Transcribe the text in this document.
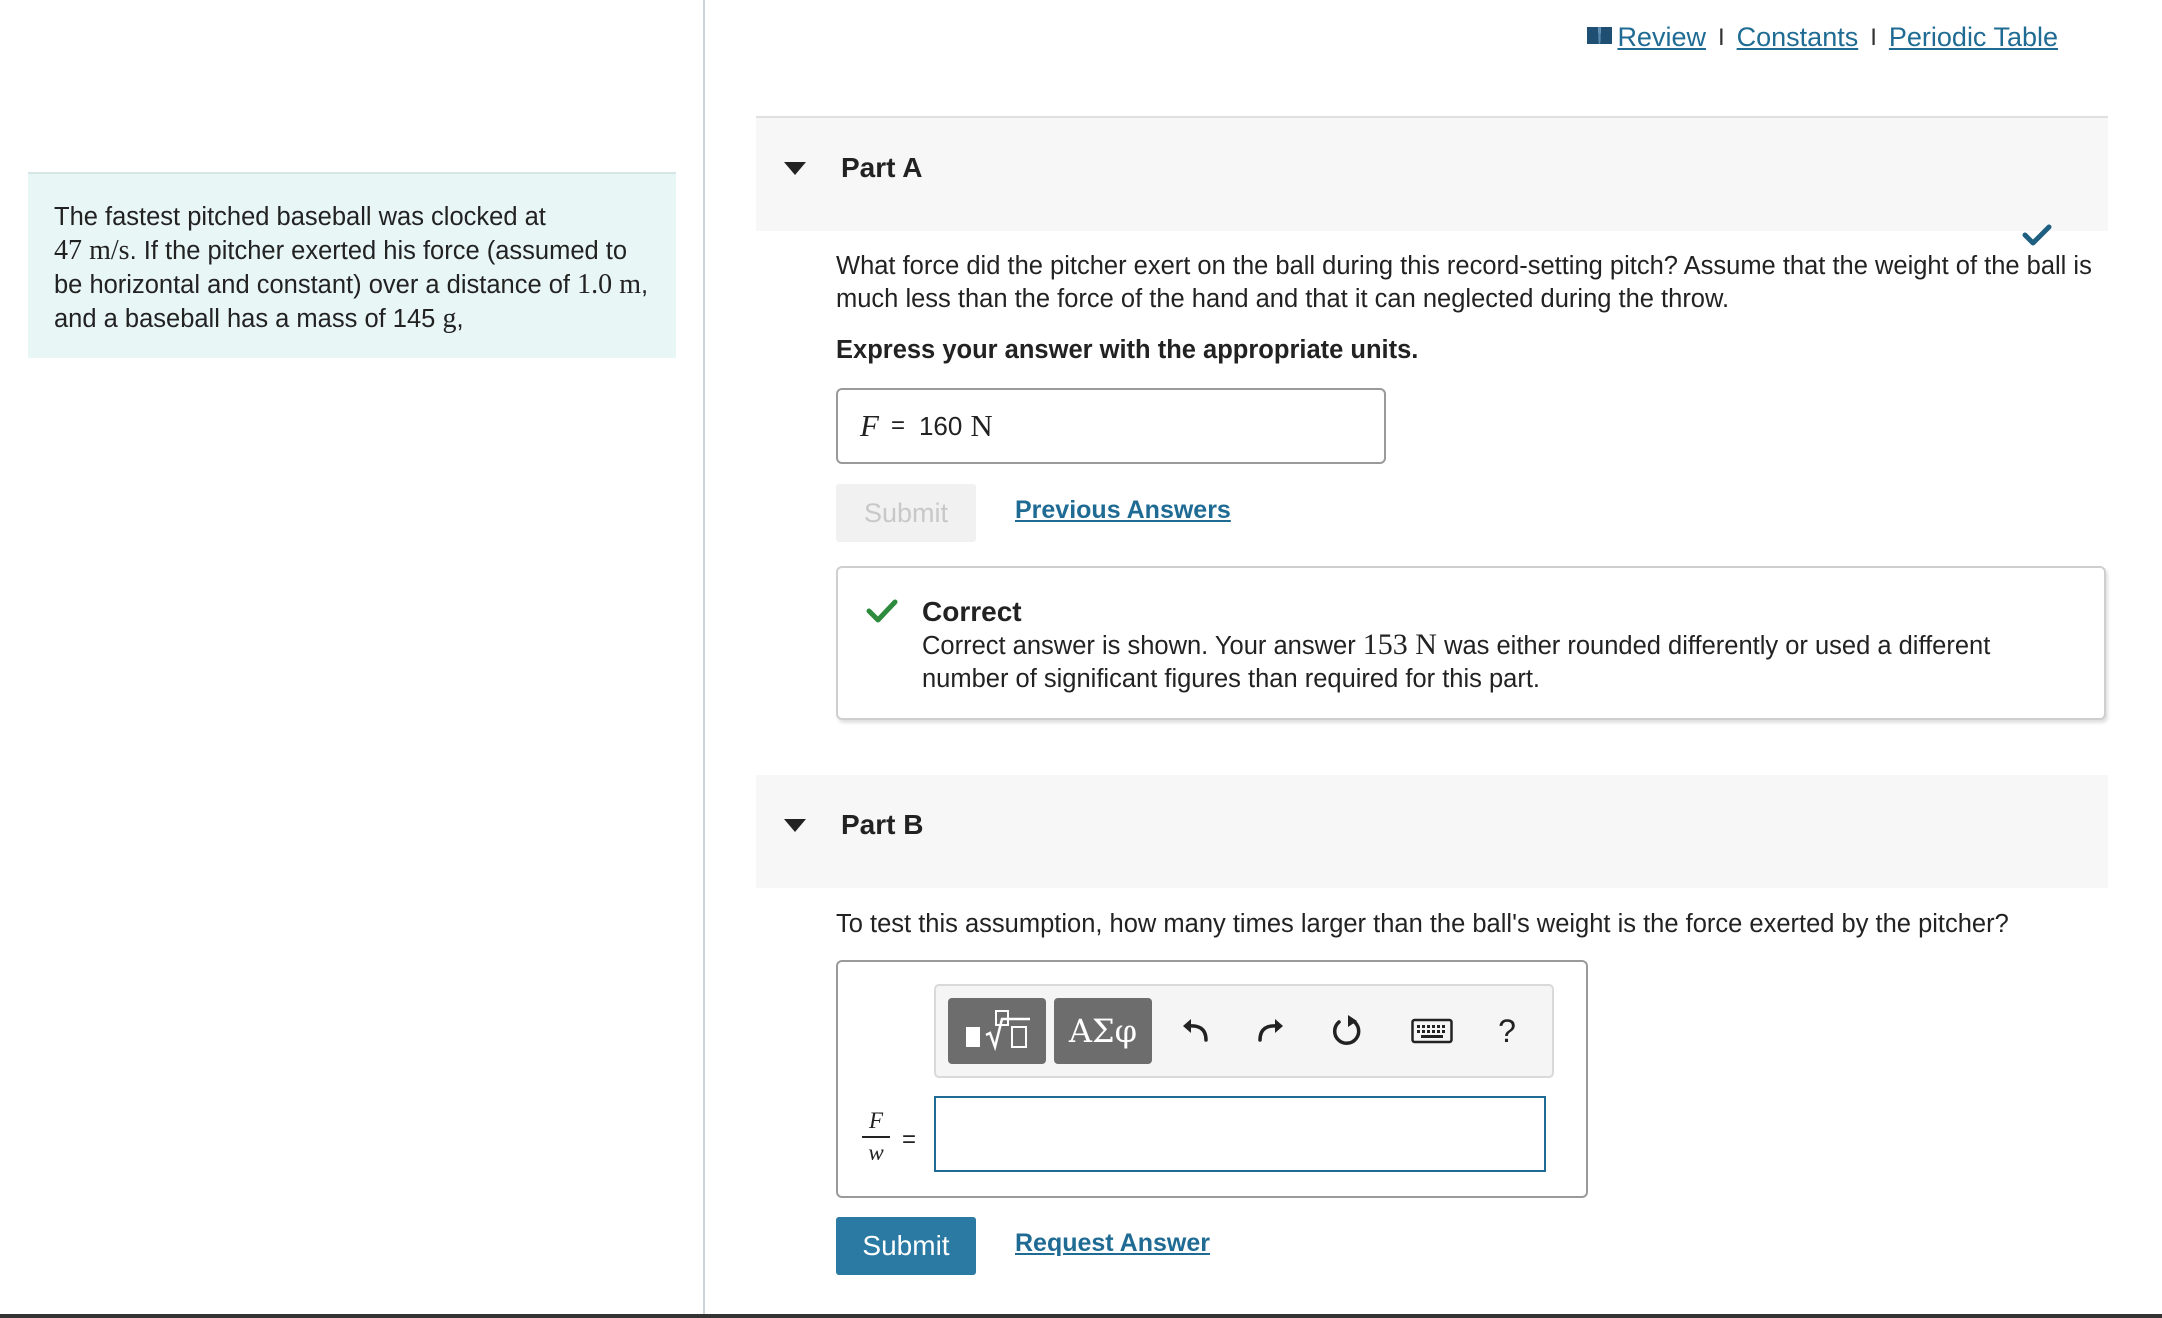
The fastest pitched baseball was clocked at
47 m/s. If the pitcher exerted his force (assumed to be horizontal and constant) over a distance of 1.0 m, and a baseball has a mass of 145 g,
Review I Constants I Periodic Table
Part A
What force did the pitcher exert on the ball during this record-setting pitch? Assume that the weight of the ball is much less than the force of the hand and that it can neglected during the throw.
Express your answer with the appropriate units.
F = 160 N
Submit	Previous Answers
Correct
Correct answer is shown. Your answer 153 N was either rounded differently or used a different number of significant figures than required for this part.
Part B
To test this assumption, how many times larger than the ball's weight is the force exerted by the pitcher?
ΑΣφ	?
F
w =
Submit	Request Answer
